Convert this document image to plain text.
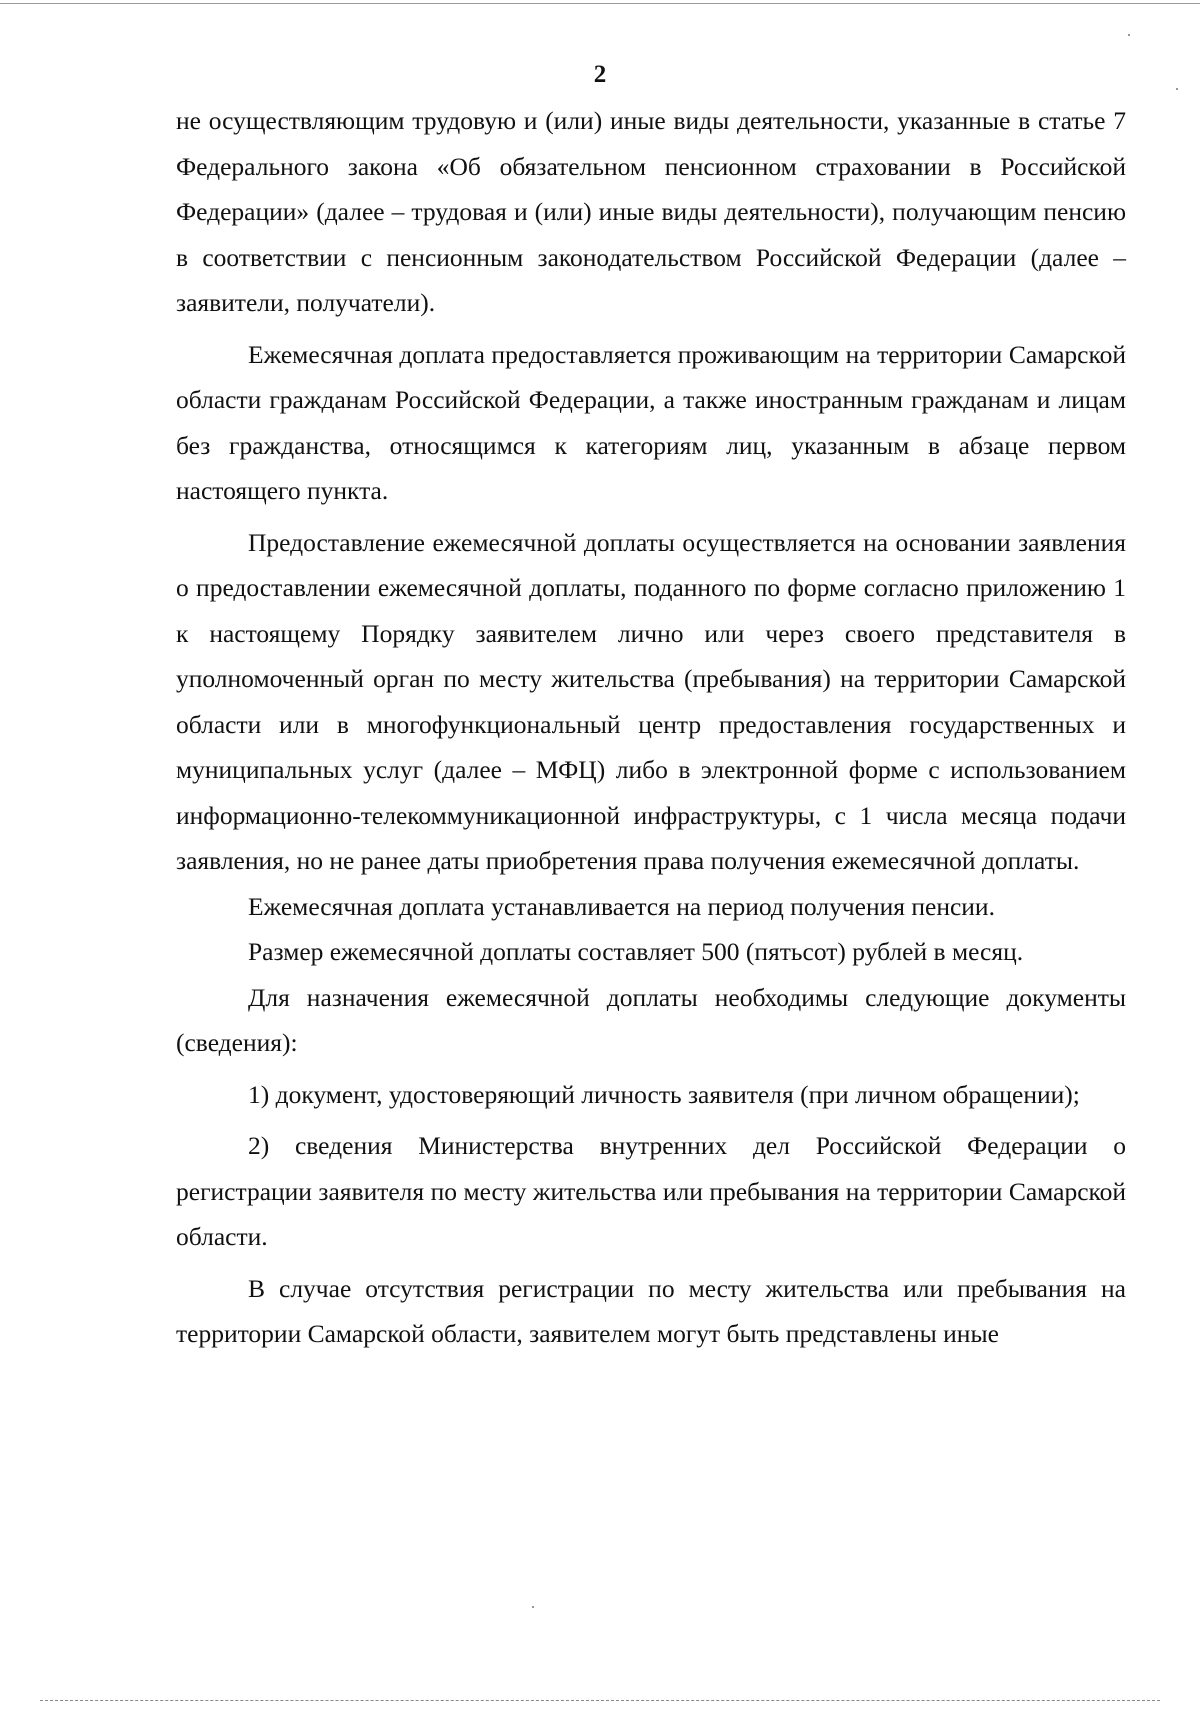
2

не осуществляющим трудовую и (или) иные виды деятельности, указанные в статье 7 Федерального закона «Об обязательном пенсионном страховании в Российской Федерации» (далее – трудовая и (или) иные виды деятельности), получающим пенсию в соответствии с пенсионным законодательством Российской Федерации (далее – заявители, получатели).

Ежемесячная доплата предоставляется проживающим на территории Самарской области гражданам Российской Федерации, а также иностранным гражданам и лицам без гражданства, относящимся к категориям лиц, указанным в абзаце первом настоящего пункта.

Предоставление ежемесячной доплаты осуществляется на основании заявления о предоставлении ежемесячной доплаты, поданного по форме согласно приложению 1 к настоящему Порядку заявителем лично или через своего представителя в уполномоченный орган по месту жительства (пребывания) на территории Самарской области или в многофункциональный центр предоставления государственных и муниципальных услуг (далее – МФЦ) либо в электронной форме с использованием информационно-телекоммуникационной инфраструктуры, с 1 числа месяца подачи заявления, но не ранее даты приобретения права получения ежемесячной доплаты.

Ежемесячная доплата устанавливается на период получения пенсии.

Размер ежемесячной доплаты составляет 500 (пятьсот) рублей в месяц.

Для назначения ежемесячной доплаты необходимы следующие документы (сведения):

1) документ, удостоверяющий личность заявителя (при личном обращении);

2) сведения Министерства внутренних дел Российской Федерации о регистрации заявителя по месту жительства или пребывания на территории Самарской области.

В случае отсутствия регистрации по месту жительства или пребывания на территории Самарской области, заявителем могут быть представлены иные
